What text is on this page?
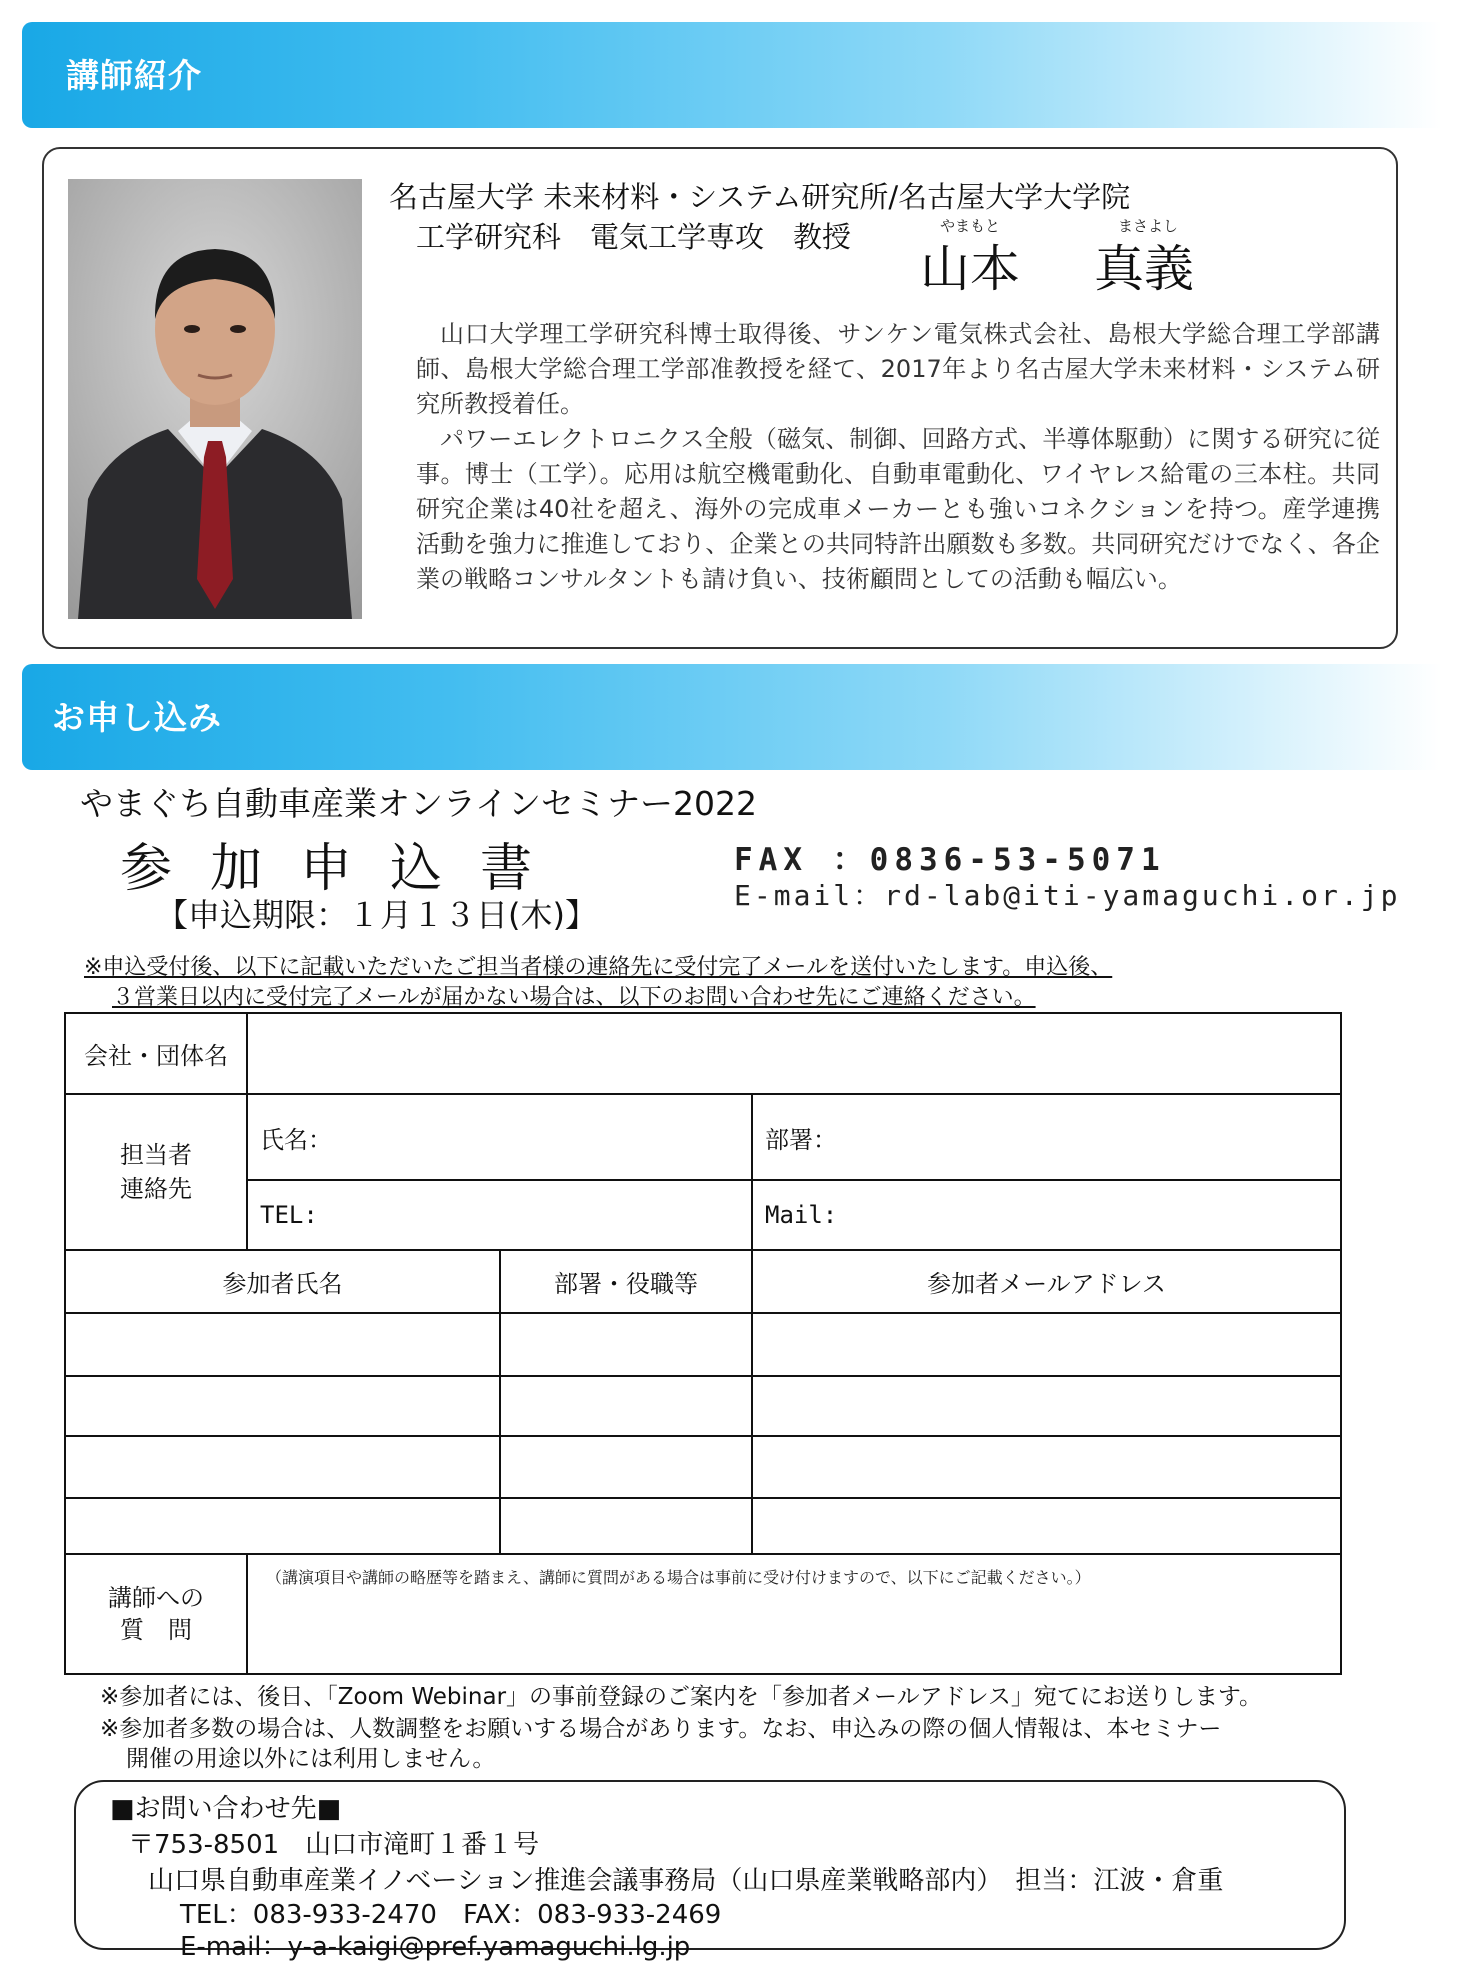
講師紹介
名古屋大学 未来材料・システム研究所/名古屋大学大学院
工学研究科　電気工学専攻　教授	やまもと	まさよし
山本 真義

山口大学理工学研究科博士取得後、サンケン電気株式会社、島根大学総合理工学部講師、島根大学総合理工学部准教授を経て、2017年より名古屋大学未来材料・システム研究所教授着任。

パワーエレクトロニクス全般（磁気、制御、回路方式、半導体駆動）に関する研究に従事。博士（工学）。応用は航空機電動化、自動車電動化、ワイヤレス給電の三本柱。共同研究企業は40社を超え、海外の完成車メーカーとも強いコネクションを持つ。産学連携活動を強力に推進しており、企業との共同特許出願数も多数。共同研究だけでなく、各企業の戦略コンサルタントも請け負い、技術顧問としての活動も幅広い。

お申し込み
やまぐち自動車産業オンラインセミナー2022
参加申込書
【申込期限：１月１３日(木)】
FAX ：0836-53-5071
E-mail：rd-lab@iti-yamaguchi.or.jp
※申込受付後、以下に記載いただいたご担当者様の連絡先に受付完了メールを送付いたします。申込後、
３営業日以内に受付完了メールが届かない場合は、以下のお問い合わせ先にご連絡ください。
会社・団体名			
担当者
連絡先	氏名：		部署：
	TEL:		Mail:
参加者氏名		部署・役職等	参加者メールアドレス

講師への
質　問	（講演項目や講師の略歴等を踏まえ、講師に質問がある場合は事前に受け付けますので、以下にご記載ください。）		
※参加者には、後日、「Zoom Webinar」の事前登録のご案内を「参加者メールアドレス」宛てにお送りします。
※参加者多数の場合は、人数調整をお願いする場合があります。なお、申込みの際の個人情報は、本セミナー
開催の用途以外には利用しません。
■お問い合わせ先■
〒753-8501　山口市滝町１番１号
山口県自動車産業イノベーション推進会議事務局（山口県産業戦略部内）　担当：江波・倉重
TEL：083-933-2470　FAX：083-933-2469
E-mail：y-a-kaigi@pref.yamaguchi.lg.jp
